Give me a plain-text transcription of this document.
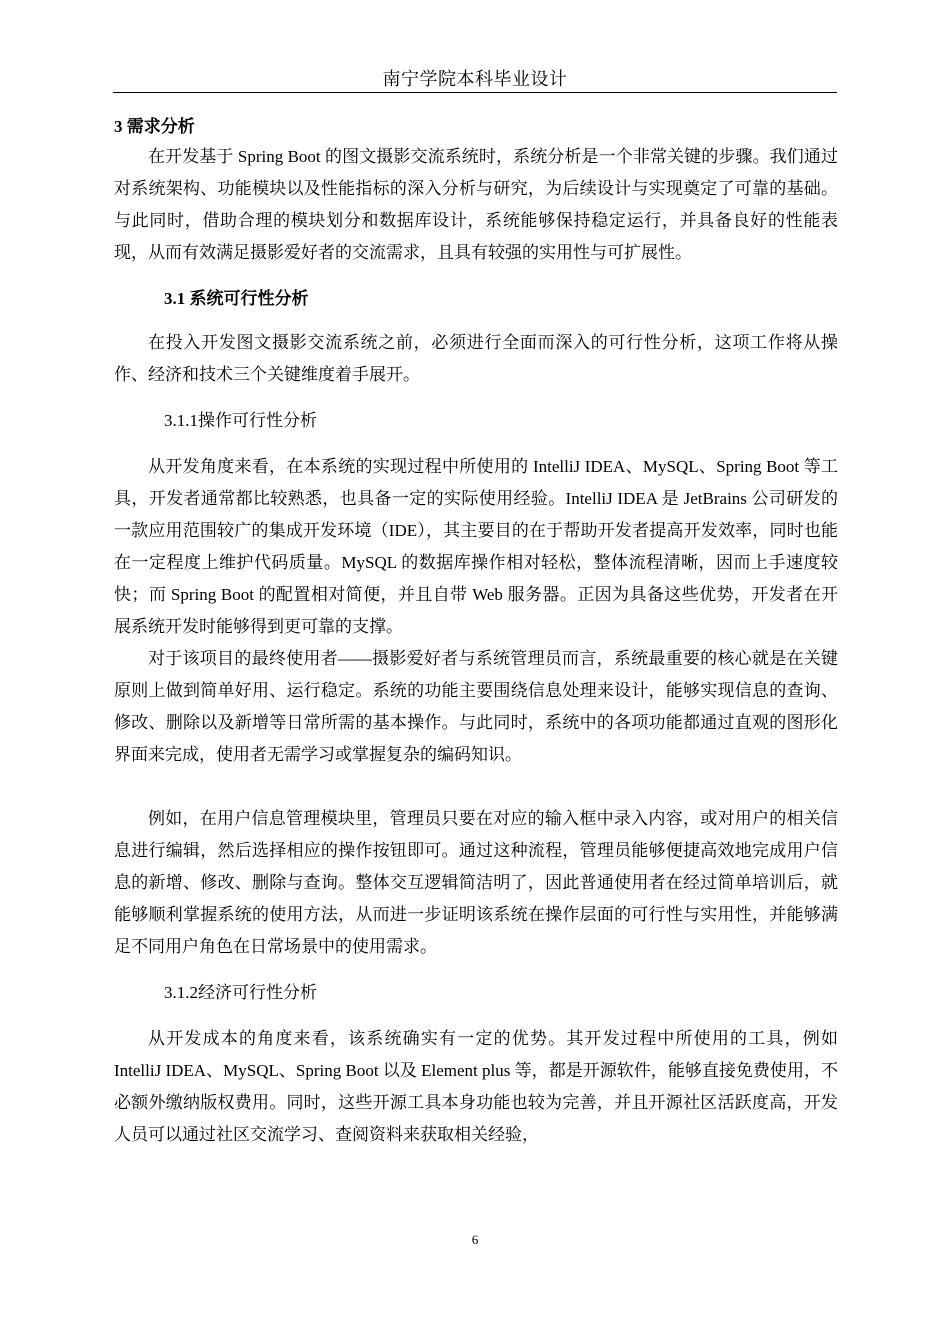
南宁学院本科毕业设计
3 需求分析

在开发基于 Spring Boot 的图文摄影交流系统时，系统分析是一个非常关键的步骤。我们通过对系统架构、功能模块以及性能指标的深入分析与研究，为后续设计与实现奠定了可靠的基础。与此同时，借助合理的模块划分和数据库设计，系统能够保持稳定运行，并具备良好的性能表现，从而有效满足摄影爱好者的交流需求，且具有较强的实用性与可扩展性。

3.1 系统可行性分析

在投入开发图文摄影交流系统之前，必须进行全面而深入的可行性分析，这项工作将从操作、经济和技术三个关键维度着手展开。

3.1.1操作可行性分析

从开发角度来看，在本系统的实现过程中所使用的 IntelliJ IDEA、MySQL、Spring Boot 等工具，开发者通常都比较熟悉，也具备一定的实际使用经验。IntelliJ IDEA 是 JetBrains 公司研发的一款应用范围较广的集成开发环境（IDE），其主要目的在于帮助开发者提高开发效率，同时也能在一定程度上维护代码质量。MySQL 的数据库操作相对轻松，整体流程清晰，因而上手速度较快；而 Spring Boot 的配置相对简便，并且自带 Web 服务器。正因为具备这些优势，开发者在开展系统开发时能够得到更可靠的支撑。

对于该项目的最终使用者——摄影爱好者与系统管理员而言，系统最重要的核心就是在关键原则上做到简单好用、运行稳定。系统的功能主要围绕信息处理来设计，能够实现信息的查询、修改、删除以及新增等日常所需的基本操作。与此同时，系统中的各项功能都通过直观的图形化界面来完成，使用者无需学习或掌握复杂的编码知识。

例如，在用户信息管理模块里，管理员只要在对应的输入框中录入内容，或对用户的相关信息进行编辑，然后选择相应的操作按钮即可。通过这种流程，管理员能够便捷高效地完成用户信息的新增、修改、删除与查询。整体交互逻辑简洁明了，因此普通使用者在经过简单培训后，就能够顺利掌握系统的使用方法，从而进一步证明该系统在操作层面的可行性与实用性，并能够满足不同用户角色在日常场景中的使用需求。

3.1.2经济可行性分析

从开发成本的角度来看，该系统确实有一定的优势。其开发过程中所使用的工具，例如 IntelliJ IDEA、MySQL、Spring Boot 以及 Element plus 等，都是开源软件，能够直接免费使用，不必额外缴纳版权费用。同时，这些开源工具本身功能也较为完善，并且开源社区活跃度高，开发人员可以通过社区交流学习、查阅资料来获取相关经验，

6
